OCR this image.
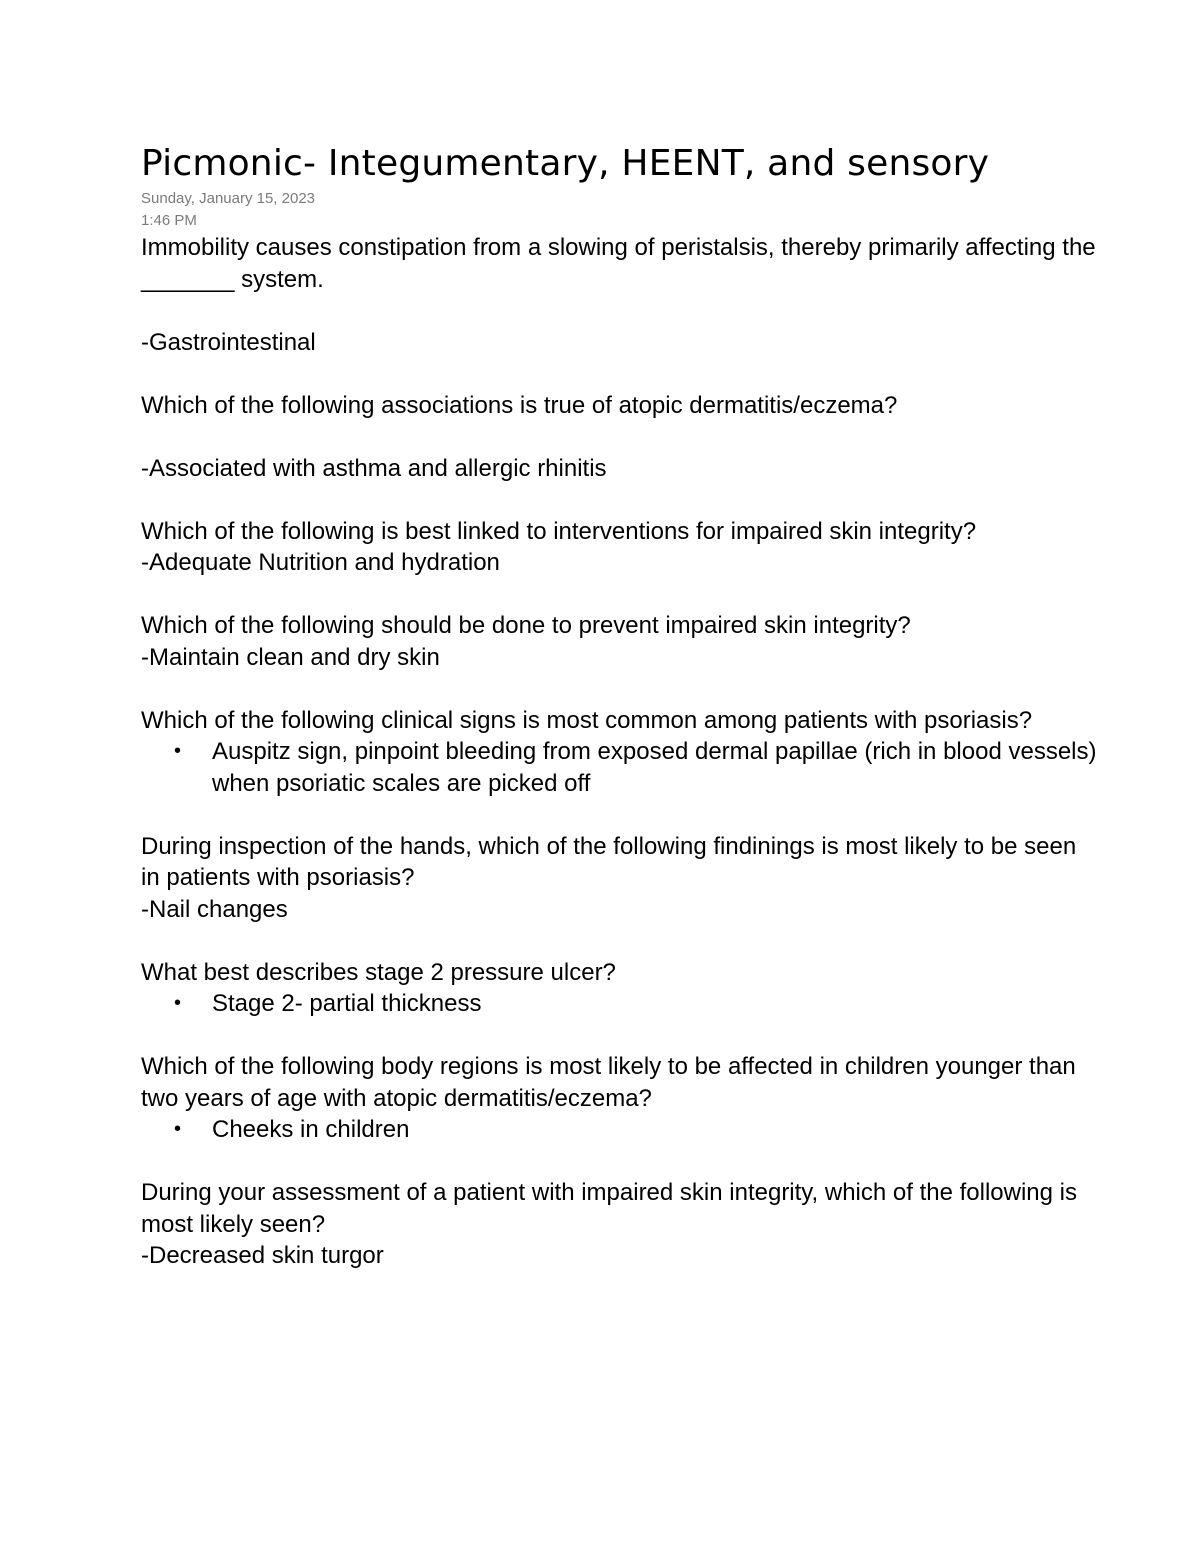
Picmonic- Integumentary, HEENT, and sensory
Sunday, January 15, 2023
1:46 PM

Immobility causes constipation from a slowing of peristalsis, thereby primarily affecting the _______ system.

-Gastrointestinal

Which of the following associations is true of atopic dermatitis/eczema?

-Associated with asthma and allergic rhinitis

Which of the following is best linked to interventions for impaired skin integrity?

-Adequate Nutrition and hydration

Which of the following should be done to prevent impaired skin integrity?

-Maintain clean and dry skin

Which of the following clinical signs is most common among patients with psoriasis?

•	Auspitz sign, pinpoint bleeding from exposed dermal papillae (rich in blood vessels) when psoriatic scales are picked off

During inspection of the hands, which of the following findinings is most likely to be seen in patients with psoriasis?

-Nail changes

What best describes stage 2 pressure ulcer?

•	Stage 2- partial thickness

Which of the following body regions is most likely to be affected in children younger than two years of age with atopic dermatitis/eczema?

•	Cheeks in children

During your assessment of a patient with impaired skin integrity, which of the following is most likely seen?

-Decreased skin turgor
